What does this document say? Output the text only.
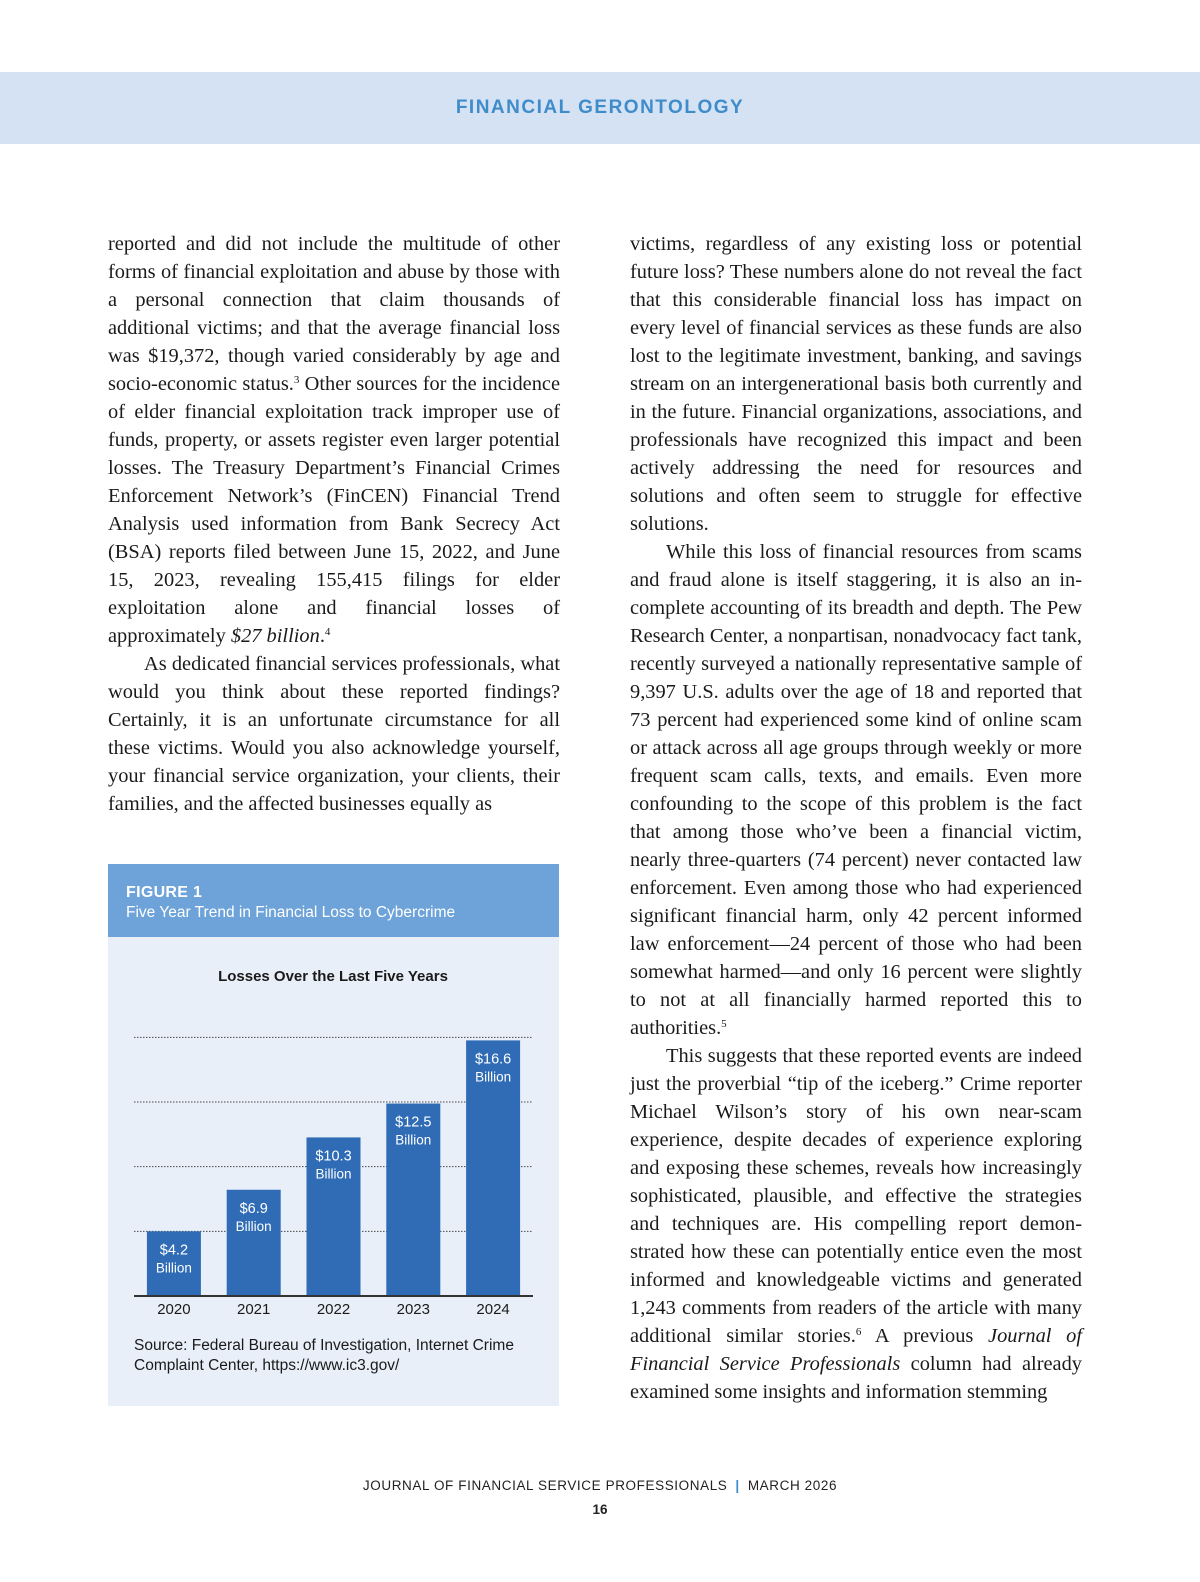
FINANCIAL GERONTOLOGY

reported and did not include the multitude of other forms of financial exploitation and abuse by those with a personal connection that claim thousands of additional victims; and that the average financial loss was $19,372, though varied considerably by age and socio-economic status.$^3$ Other sources for the incidence of elder financial exploitation track improper use of funds, property, or assets register even larger potential losses. The Treasury Department’s Financial Crimes Enforcement Network’s (FinCEN) Financial Trend Analysis used information from Bank Secrecy Act (BSA) reports filed between June 15, 2022, and June 15, 2023, revealing 155,415 filings for elder exploitation alone and financial losses of approximately $27 billion.$^4$

As dedicated financial services professionals, what would you think about these reported findings? Certainly, it is an unfortunate circumstance for all these victims. Would you also acknowledge yourself, your financial service organization, your clients, their families, and the affected businesses equally as

victims, regardless of any existing loss or potential future loss? These numbers alone do not reveal the fact that this considerable financial loss has impact on every level of financial services as these funds are also lost to the legitimate investment, banking, and savings stream on an intergenerational basis both currently and in the future. Financial organizations, associations, and professionals have recognized this impact and been actively addressing the need for resources and solutions and often seem to struggle for effective solutions.

While this loss of financial resources from scams and fraud alone is itself staggering, it is also an incomplete accounting of its breadth and depth. The Pew Research Center, a nonpartisan, nonadvocacy fact tank, recently surveyed a nationally representative sample of 9,397 U.S. adults over the age of 18 and reported that 73 percent had experienced some kind of online scam or attack across all age groups through weekly or more frequent scam calls, texts, and emails. Even more confounding to the scope of this problem is the fact that among those who’ve been a financial victim, nearly three-quarters (74 percent) never contacted law enforcement. Even among those who had experienced significant financial harm, only 42 percent informed law enforcement—24 percent of those who had been somewhat harmed—and only 16 percent were slightly to not at all financially harmed reported this to authorities.$^5$

This suggests that these reported events are indeed just the proverbial “tip of the iceberg.” Crime reporter Michael Wilson’s story of his own near-scam experience, despite decades of experience exploring and exposing these schemes, reveals how increasingly sophisticated, plausible, and effective the strategies and techniques are. His compelling report demonstrated how these can potentially entice even the most informed and knowledgeable victims and generated 1,243 comments from readers of the article with many additional similar stories.$^6$ A previous Journal of Financial Service Professionals column had already examined some insights and information stemming

FIGURE 1
Five Year Trend in Financial Loss to Cybercrime
Losses Over the Last Five Years
$4.2
Billion
2020
$6.9
Billion
2021
$10.3
Billion
2022
$12.5
Billion
2023
$16.6
Billion
2024
Source: Federal Bureau of Investigation, Internet Crime Complaint Center, https://www.ic3.gov/
JOURNAL OF FINANCIAL SERVICE PROFESSIONALS | MARCH 2026
16
